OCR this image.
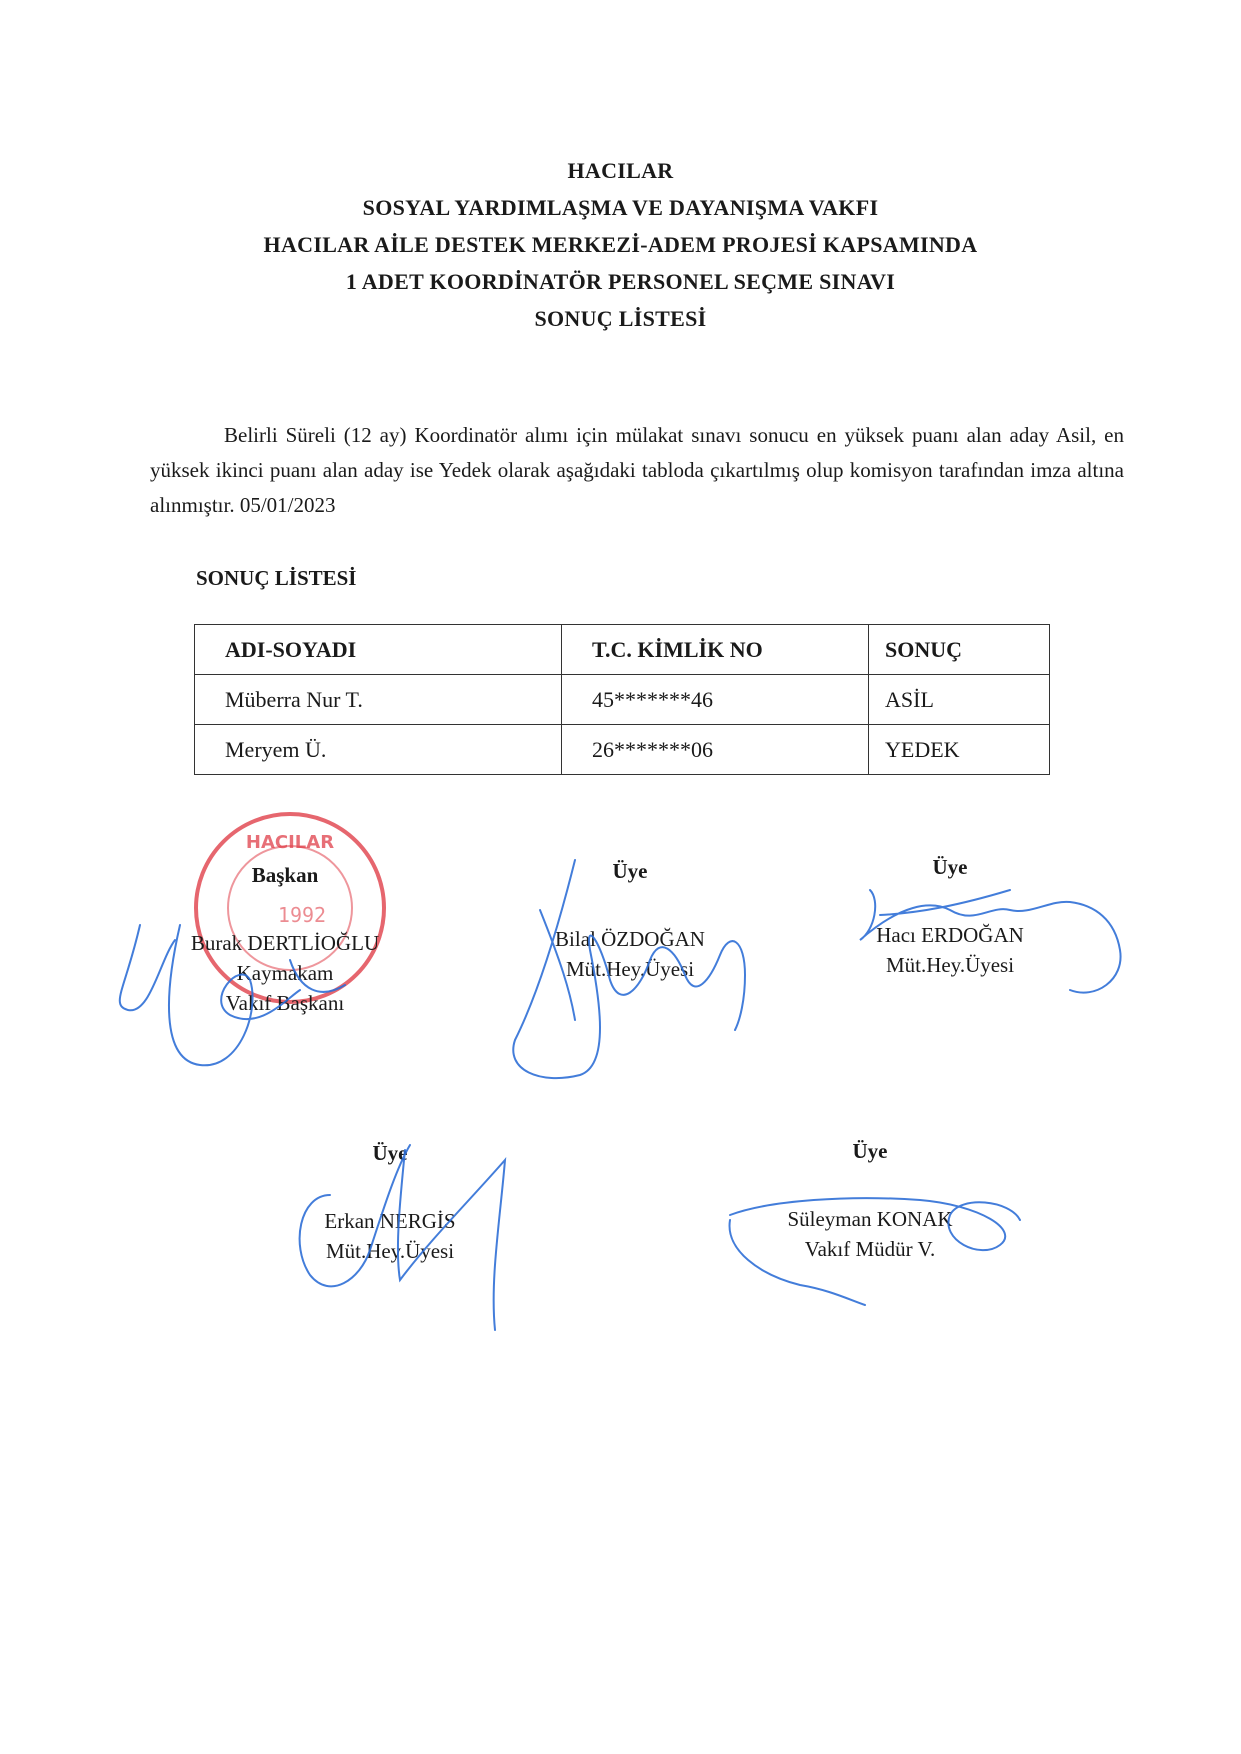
HACILAR
SOSYAL YARDIMLAŞMA VE DAYANIŞMA VAKFI
HACILAR AİLE DESTEK MERKEZİ-ADEM PROJESİ KAPSAMINDA
1 ADET KOORDİNATÖR PERSONEL SEÇME SINAVI
SONUÇ LİSTESİ

Belirli Süreli (12 ay) Koordinatör alımı için mülakat sınavı sonucu en yüksek puanı alan aday Asil, en yüksek ikinci puanı alan aday ise Yedek olarak aşağıdaki tabloda çıkartılmış olup komisyon tarafından imza altına alınmıştır. 05/01/2023

SONUÇ LİSTESİ
ADI-SOYADI	T.C. KİMLİK NO	SONUÇ
Müberra Nur T.	45*******46	ASİL
Meryem Ü.	26*******06	YEDEK
HACILAR
1992
Başkan
Burak DERTLİOĞLU
Kaymakam
Vakıf Başkanı
Üye
Bilal ÖZDOĞAN
Müt.Hey.Üyesi
Üye
Hacı ERDOĞAN
Müt.Hey.Üyesi
Üye
Erkan NERGİS
Müt.Hey.Üyesi
Üye
Süleyman KONAK
Vakıf Müdür V.
